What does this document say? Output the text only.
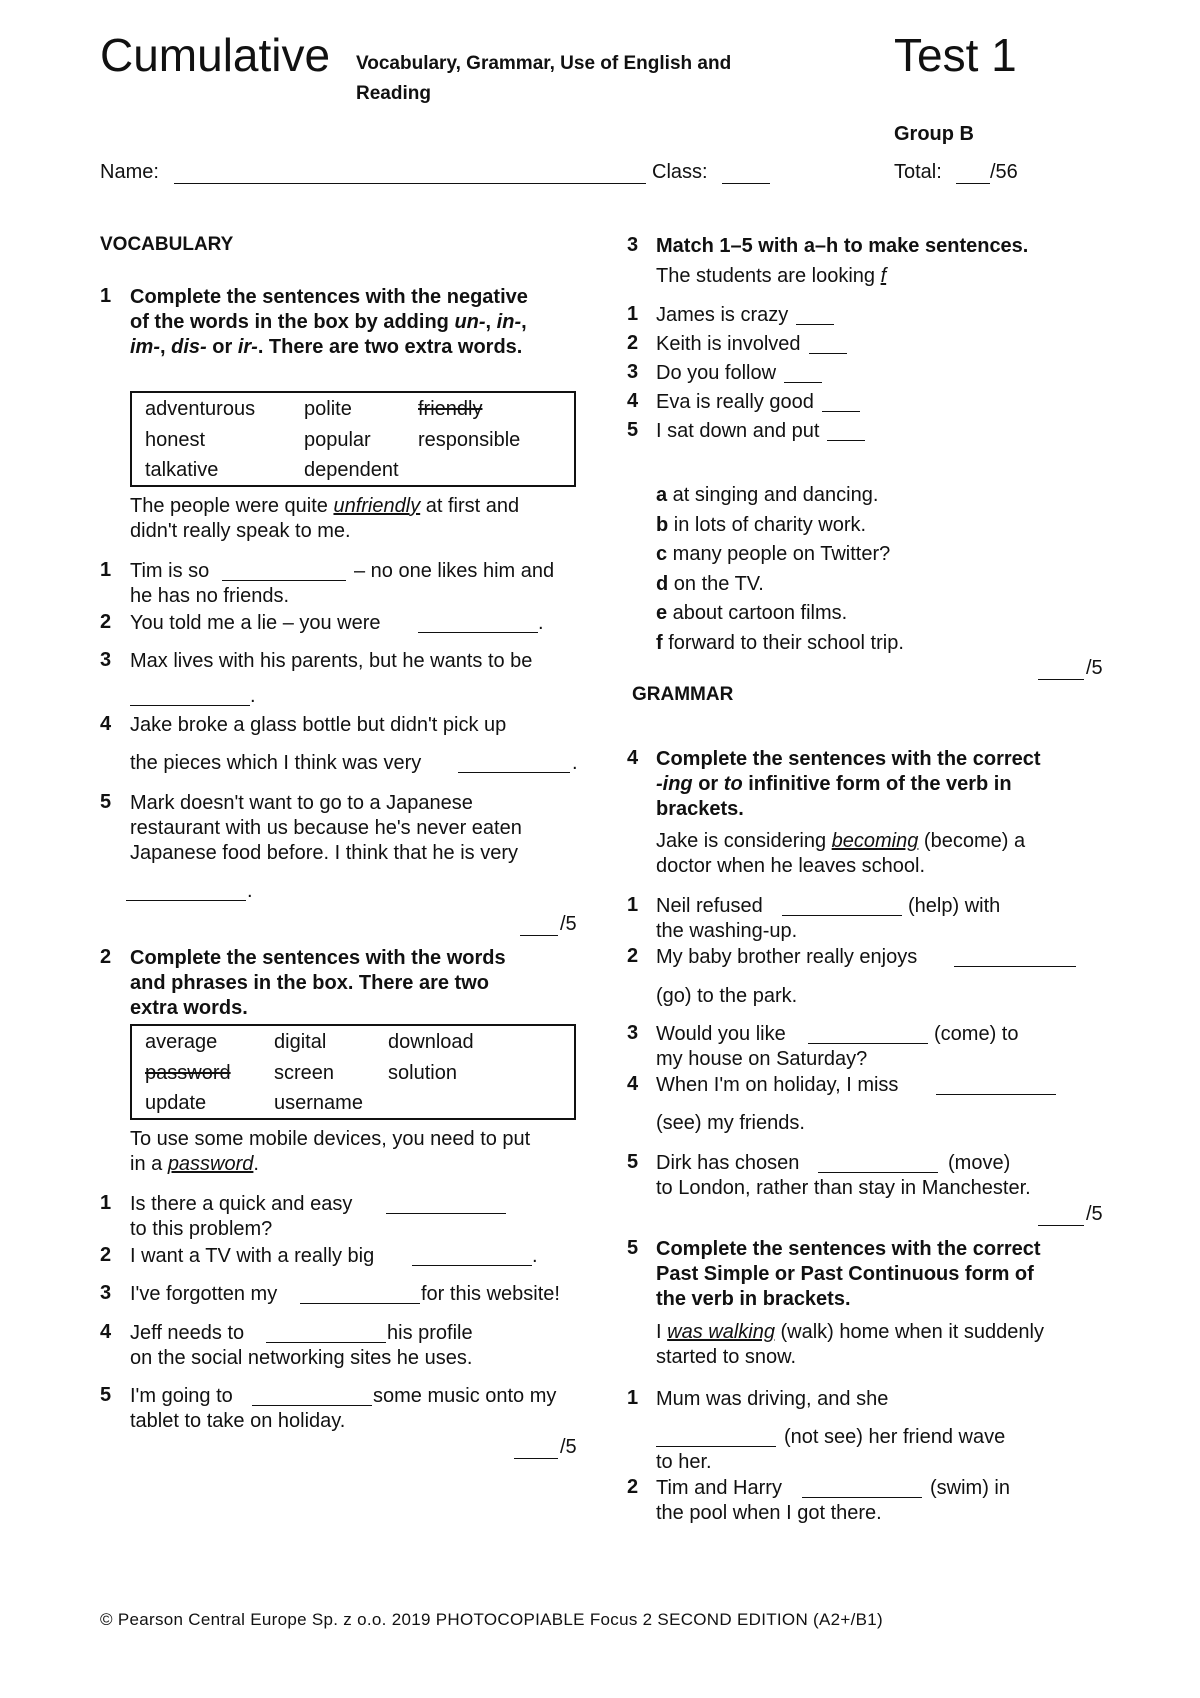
Cumulative Vocabulary, Grammar, Use of English and
Reading
Test 1
Group B
Name:	Class:	Total: /56
VOCABULARY
1 Complete the sentences with the negative
of the words in the box by adding un-, in-,
im-, dis- or ir-. There are two extra words.
adventurous polite	friendly
honest	popular responsible
talkative	dependent
The people were quite unfriendly at first and
didn't really speak to me.
1 Tim is so	– no one likes him and
he has no friends.
2 You told me a lie – you were	.
3 Max lives with his parents, but he wants to be
.
4 Jake broke a glass bottle but didn't pick up
the pieces which I think was very	.
5 Mark doesn't want to go to a Japanese
restaurant with us because he's never eaten
Japanese food before. I think that he is very
.
/5
2 Complete the sentences with the words
and phrases in the box. There are two
extra words.
average	digital	download
password screen	solution
update	username
To use some mobile devices, you need to put
in a password.
1 Is there a quick and easy
to this problem?
2 I want a TV with a really big	.
3 I've forgotten my	for this website!
4 Jeff needs to	his profile
on the social networking sites he uses.
5 I'm going to	some music onto my
tablet to take on holiday.
/5
3 Match 1–5 with a–h to make sentences.
The students are looking f
1 James is crazy
2 Keith is involved
3 Do you follow
4 Eva is really good
5 I sat down and put
a at singing and dancing.
b in lots of charity work.
c many people on Twitter?
d on the TV.
e about cartoon films.
f forward to their school trip.
/5
GRAMMAR
4 Complete the sentences with the correct
-ing or to infinitive form of the verb in
brackets.
Jake is considering becoming (become) a
doctor when he leaves school.
1 Neil refused	(help) with
the washing-up.
2 My baby brother really enjoys
(go) to the park.
3 Would you like	(come) to
my house on Saturday?
4 When I'm on holiday, I miss
(see) my friends.
5 Dirk has chosen	(move)
to London, rather than stay in Manchester.
/5
5 Complete the sentences with the correct
Past Simple or Past Continuous form of
the verb in brackets.
I was walking (walk) home when it suddenly
started to snow.
1 Mum was driving, and she
(not see) her friend wave
to her.
2 Tim and Harry	(swim) in
the pool when I got there.
© Pearson Central Europe Sp. z o.o. 2019 PHOTOCOPIABLE Focus 2 SECOND EDITION (A2+/B1)
